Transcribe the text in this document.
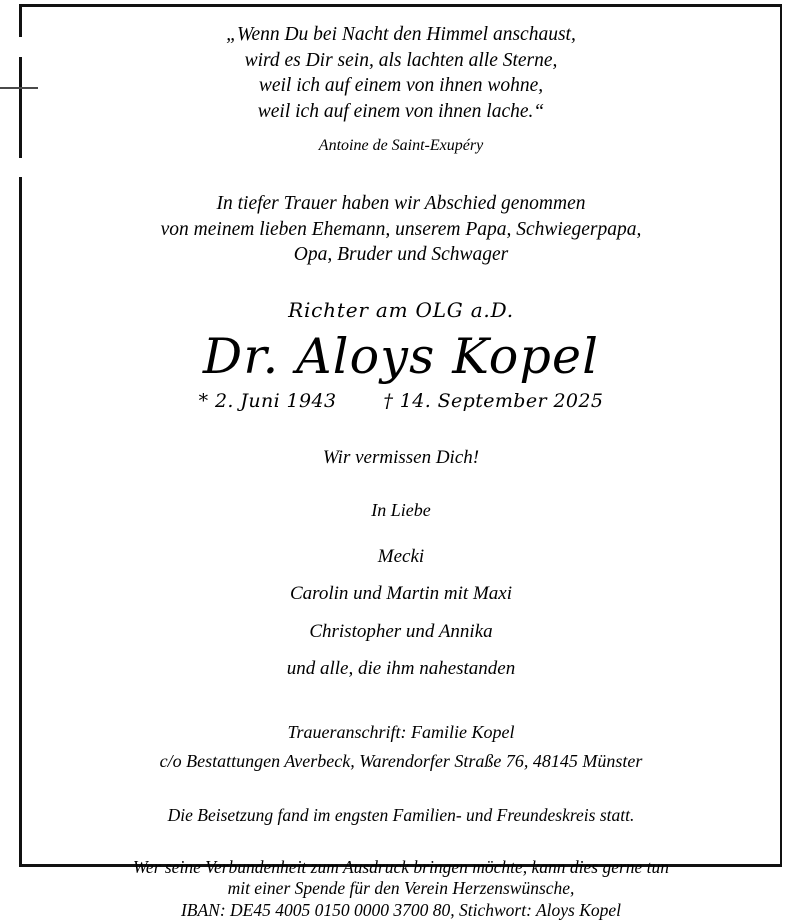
„Wenn Du bei Nacht den Himmel anschaust,
wird es Dir sein, als lachten alle Sterne,
weil ich auf einem von ihnen wohne,
weil ich auf einem von ihnen lache.“
Antoine de Saint-Exupéry
In tiefer Trauer haben wir Abschied genommen
von meinem lieben Ehemann, unserem Papa, Schwiegerpapa,
Opa, Bruder und Schwager
Richter am OLG a.D.
Dr. Aloys Kopel
* 2. Juni 1943 † 14. September 2025
Wir vermissen Dich!
In Liebe
Mecki
Carolin und Martin mit Maxi
Christopher und Annika
und alle, die ihm nahestanden
Traueranschrift: Familie Kopel
c/o Bestattungen Averbeck, Warendorfer Straße 76, 48145 Münster
Die Beisetzung fand im engsten Familien- und Freundeskreis statt.
Wer seine Verbundenheit zum Ausdruck bringen möchte, kann dies gerne tun
mit einer Spende für den Verein Herzenswünsche,
IBAN: DE45 4005 0150 0000 3700 80, Stichwort: Aloys Kopel
